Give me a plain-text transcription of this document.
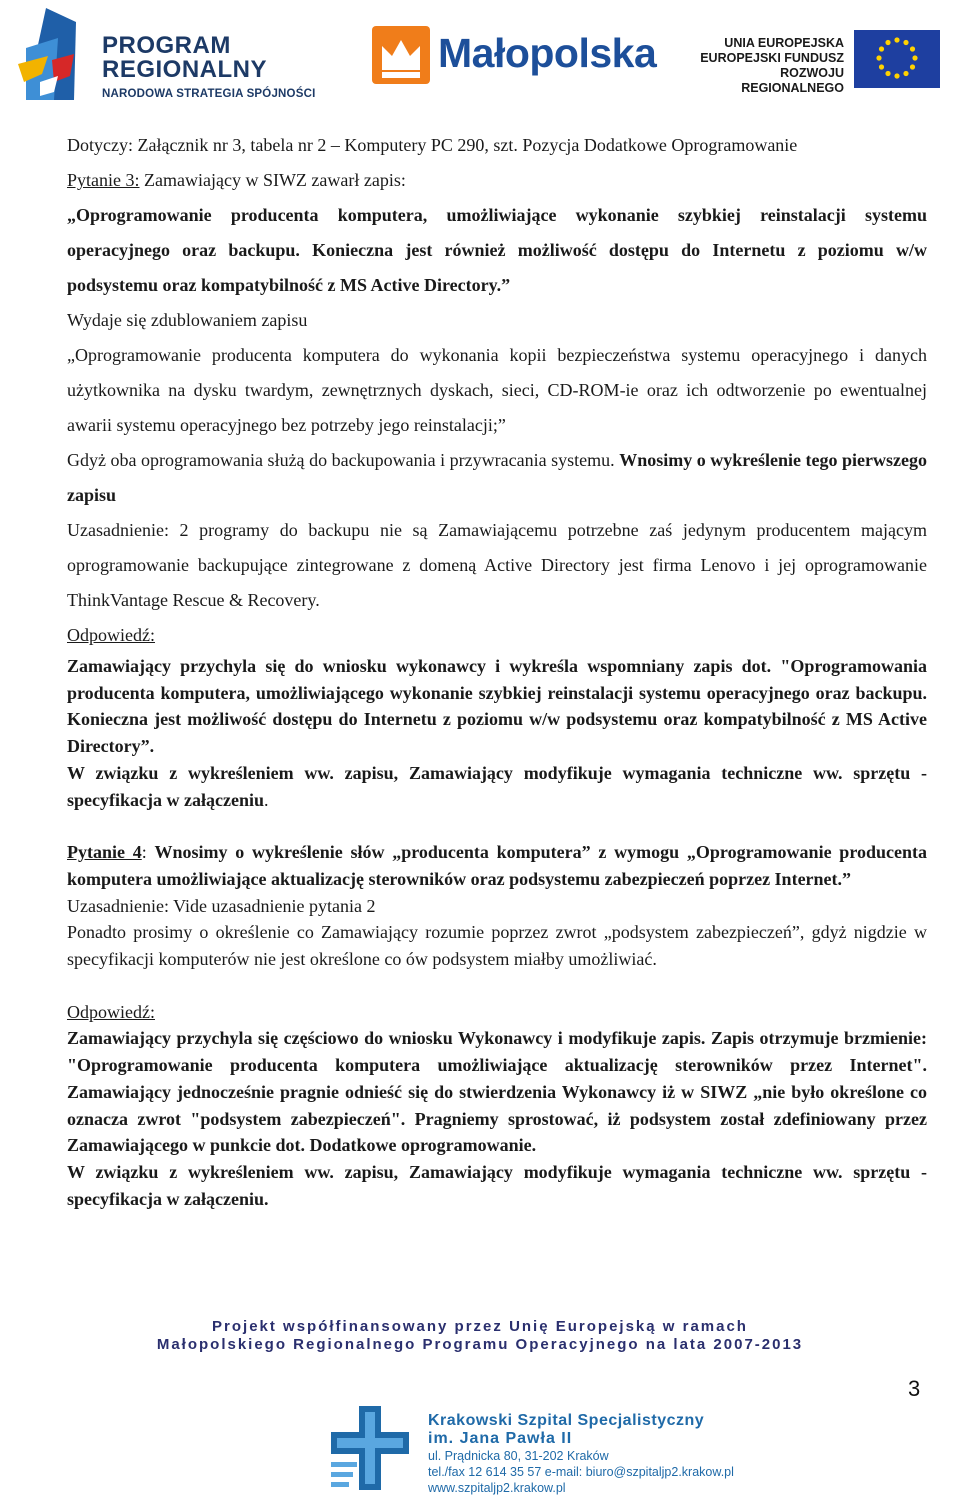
PROGRAM
REGIONALNY
NARODOWA STRATEGIA SPÓJNOŚCI
Małopolska	UNIA EUROPEJSKA
EUROPEJSKI FUNDUSZ
ROZWOJU REGIONALNEGO

Dotyczy: Załącznik nr 3, tabela nr 2 – Komputery PC 290, szt. Pozycja Dodatkowe Oprogramowanie

Pytanie 3: Zamawiający w SIWZ zawarł zapis:

„Oprogramowanie producenta komputera, umożliwiające wykonanie szybkiej reinstalacji systemu operacyjnego oraz backupu. Konieczna jest również możliwość dostępu do Internetu z poziomu w/w podsystemu oraz kompatybilność z MS Active Directory.”

Wydaje się zdublowaniem zapisu

„Oprogramowanie producenta komputera do wykonania kopii bezpieczeństwa systemu operacyjnego i danych użytkownika na dysku twardym, zewnętrznych dyskach, sieci, CD-ROM-ie oraz ich odtworzenie po ewentualnej awarii systemu operacyjnego bez potrzeby jego reinstalacji;”

Gdyż oba oprogramowania służą do backupowania i przywracania systemu. Wnosimy o wykreślenie tego pierwszego zapisu

Uzasadnienie: 2 programy do backupu nie są Zamawiającemu potrzebne zaś jedynym producentem mającym oprogramowanie backupujące zintegrowane z domeną Active Directory jest firma Lenovo i jej oprogramowanie ThinkVantage Rescue & Recovery.

Odpowiedź:

Zamawiający przychyla się do wniosku wykonawcy i wykreśla wspomniany zapis dot. "Oprogramowania producenta komputera, umożliwiającego wykonanie szybkiej reinstalacji systemu operacyjnego oraz backupu. Konieczna jest możliwość dostępu do Internetu z poziomu w/w podsystemu oraz kompatybilność z MS Active Directory”.

W związku z wykreśleniem ww. zapisu, Zamawiający modyfikuje wymagania techniczne ww. sprzętu - specyfikacja w załączeniu.

Pytanie 4: Wnosimy o wykreślenie słów „producenta komputera” z wymogu „Oprogramowanie producenta komputera umożliwiające aktualizację sterowników oraz podsystemu zabezpieczeń poprzez Internet.”

Uzasadnienie: Vide uzasadnienie pytania 2

Ponadto prosimy o określenie co Zamawiający rozumie poprzez zwrot „podsystem zabezpieczeń”, gdyż nigdzie w specyfikacji komputerów nie jest określone co ów podsystem miałby umożliwiać.

Odpowiedź:

Zamawiający przychyla się częściowo do wniosku Wykonawcy i modyfikuje zapis. Zapis otrzymuje brzmienie: "Oprogramowanie producenta komputera umożliwiające aktualizację sterowników przez Internet". Zamawiający jednocześnie pragnie odnieść się do stwierdzenia Wykonawcy iż w SIWZ „nie było określone co oznacza zwrot "podsystem zabezpieczeń". Pragniemy sprostować, iż podsystem został zdefiniowany przez Zamawiającego w punkcie dot. Dodatkowe oprogramowanie.

W związku z wykreśleniem ww. zapisu, Zamawiający modyfikuje wymagania techniczne ww. sprzętu - specyfikacja w załączeniu.

Projekt współfinansowany przez Unię Europejską w ramach
Małopolskiego Regionalnego Programu Operacyjnego na lata 2007-2013
3
Krakowski Szpital Specjalistyczny
im. Jana Pawła II
ul. Prądnicka 80, 31-202 Kraków
tel./fax 12 614 35 57 e-mail: biuro@szpitaljp2.krakow.pl
www.szpitaljp2.krakow.pl
